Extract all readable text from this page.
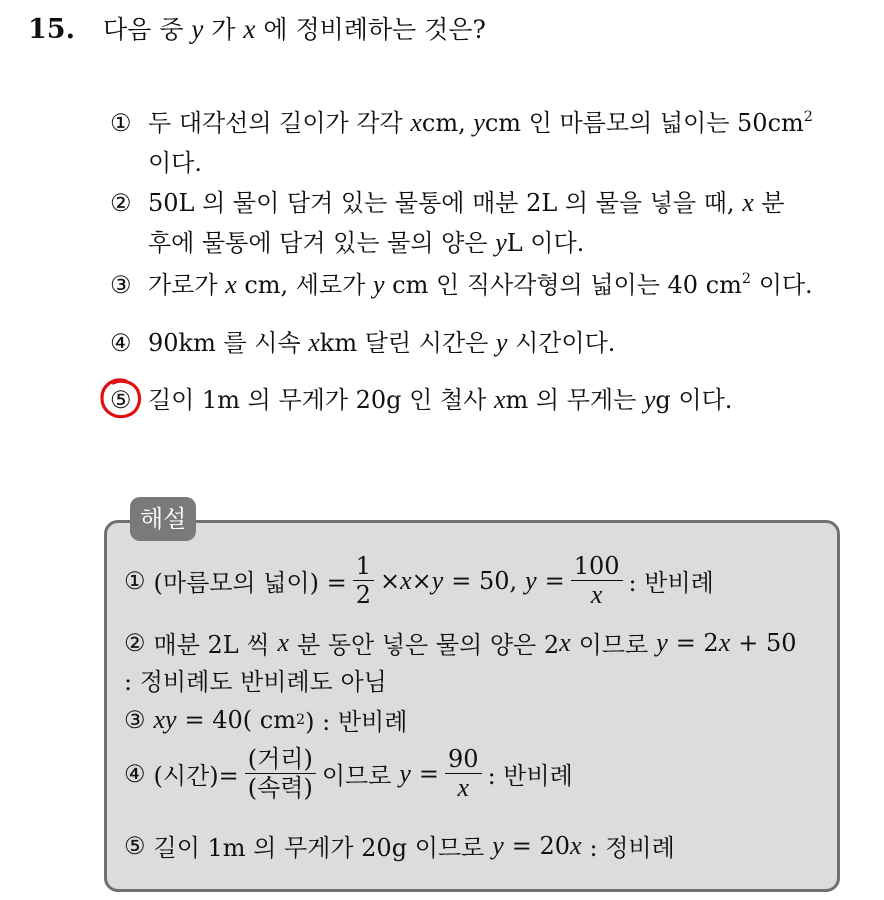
15.	다음 중 y 가 x 에 정비례하는 것은?
① 두 대각선의 길이가 각각 xcm, ycm 인 마름모의 넓이는 $50cm^2$
이다.
② 50L 의 물이 담겨 있는 물통에 매분 2L 의 물을 넣을 때, x 분
후에 물통에 담겨 있는 물의 양은 yL 이다.
③ 가로가 x cm, 세로가 y cm 인 직사각형의 넓이는 40 $cm^2$ 이다.
④ 90km 를 시속 xkm 달린 시간은 y 시간이다.
⑤ 길이 1m 의 무게가 20g 인 철사 xm 의 무게는 yg 이다.
해설
① (마름모의 넓이) = $\frac{1}{2} \times x \times y = 50$, $y = \frac{100}{x}$ : 반비례
② 매분 2L 씩 x 분 동안 넣은 물의 양은 2 x 이므로 y = 2 x + 50
: 정비례도 반비례도 아님
③ xy = 40( cm 2 ) : 반비례
④ (시간)= $\frac{\text{(거리)}}{\text{(속력)}}$ 이므로 $y = \frac{90}{x}$ : 반비례
⑤ 길이 1m 의 무게가 20g 이므로 y = 20 x : 정비례
